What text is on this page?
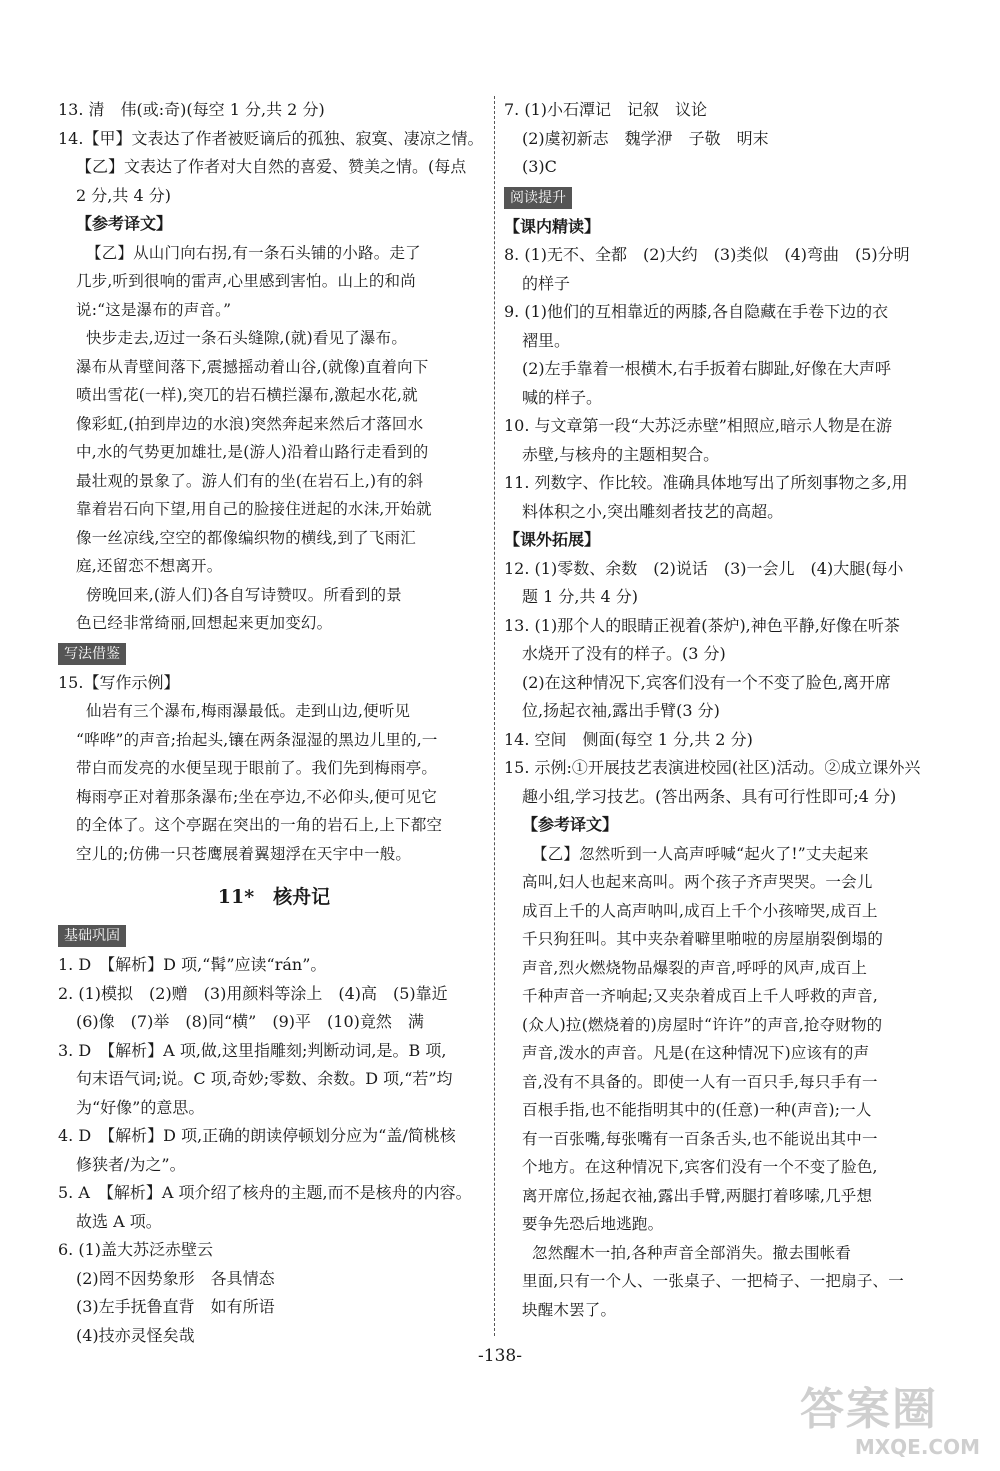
13. 清　伟(或:奇)(每空 1 分,共 2 分)
14.【甲】文表达了作者被贬谪后的孤独、寂寞、凄凉之情。
【乙】文表达了作者对大自然的喜爱、赞美之情。(每点
2 分,共 4 分)
【参考译文】
【乙】从山门向右拐,有一条石头铺的小路。走了
几步,听到很响的雷声,心里感到害怕。山上的和尚
说:“这是瀑布的声音。”
快步走去,迈过一条石头缝隙,(就)看见了瀑布。
瀑布从青壁间落下,震撼摇动着山谷,(就像)直着向下
喷出雪花(一样),突兀的岩石横拦瀑布,激起水花,就
像彩虹,(拍到岸边的水浪)突然奔起来然后才落回水
中,水的气势更加雄壮,是(游人)沿着山路行走看到的
最壮观的景象了。游人们有的坐(在岩石上,)有的斜
靠着岩石向下望,用自己的脸接住迸起的水沫,开始就
像一丝凉线,空空的都像编织物的横线,到了飞雨汇
庭,还留恋不想离开。
傍晚回来,(游人们)各自写诗赞叹。所看到的景
色已经非常绮丽,回想起来更加变幻。
写法借鉴
15.【写作示例】
仙岩有三个瀑布,梅雨瀑最低。走到山边,便听见
“哗哗”的声音;抬起头,镶在两条湿湿的黑边儿里的,一
带白而发亮的水便呈现于眼前了。我们先到梅雨亭。
梅雨亭正对着那条瀑布;坐在亭边,不必仰头,便可见它
的全体了。这个亭踞在突出的一角的岩石上,上下都空
空儿的;仿佛一只苍鹰展着翼翅浮在天宇中一般。
11*　核舟记
基础巩固
1. D　【解析】D 项,“髯”应读“rán”。
2. (1)模拟　(2)赠　(3)用颜料等涂上　(4)高　(5)靠近
(6)像　(7)举　(8)同“横”　(9)平　(10)竟然　满
3. D　【解析】A 项,做,这里指雕刻;判断动词,是。B 项,
句末语气词;说。C 项,奇妙;零数、余数。D 项,“若”均
为“好像”的意思。
4. D　【解析】D 项,正确的朗读停顿划分应为“盖/简桃核
修狭者/为之”。
5. A　【解析】A 项介绍了核舟的主题,而不是核舟的内容。
故选 A 项。
6. (1)盖大苏泛赤壁云
(2)罔不因势象形　各具情态
(3)左手抚鲁直背　如有所语
(4)技亦灵怪矣哉
7. (1)小石潭记　记叙　议论
(2)虞初新志　魏学洢　子敬　明末
(3)C
阅读提升
【课内精读】
8. (1)无不、全都　(2)大约　(3)类似　(4)弯曲　(5)分明
的样子
9. (1)他们的互相靠近的两膝,各自隐藏在手卷下边的衣
褶里。
(2)左手靠着一根横木,右手扳着右脚趾,好像在大声呼
喊的样子。
10. 与文章第一段“大苏泛赤壁”相照应,暗示人物是在游
赤壁,与核舟的主题相契合。
11. 列数字、作比较。准确具体地写出了所刻事物之多,用
料体积之小,突出雕刻者技艺的高超。
【课外拓展】
12. (1)零数、余数　(2)说话　(3)一会儿　(4)大腿(每小
题 1 分,共 4 分)
13. (1)那个人的眼睛正视着(茶炉),神色平静,好像在听茶
水烧开了没有的样子。(3 分)
(2)在这种情况下,宾客们没有一个不变了脸色,离开席
位,扬起衣袖,露出手臂(3 分)
14. 空间　侧面(每空 1 分,共 2 分)
15. 示例:①开展技艺表演进校园(社区)活动。②成立课外兴
趣小组,学习技艺。(答出两条、具有可行性即可;4 分)
【参考译文】
【乙】忽然听到一人高声呼喊“起火了!”丈夫起来
高叫,妇人也起来高叫。两个孩子齐声哭哭。一会儿
成百上千的人高声呐叫,成百上千个小孩啼哭,成百上
千只狗狂叫。其中夹杂着噼里啪啦的房屋崩裂倒塌的
声音,烈火燃烧物品爆裂的声音,呼呼的风声,成百上
千种声音一齐响起;又夹杂着成百上千人呼救的声音,
(众人)拉(燃烧着的)房屋时“许许”的声音,抢夺财物的
声音,泼水的声音。凡是(在这种情况下)应该有的声
音,没有不具备的。即使一人有一百只手,每只手有一
百根手指,也不能指明其中的(任意)一种(声音);一人
有一百张嘴,每张嘴有一百条舌头,也不能说出其中一
个地方。在这种情况下,宾客们没有一个不变了脸色,
离开席位,扬起衣袖,露出手臂,两腿打着哆嗦,几乎想
要争先恐后地逃跑。
忽然醒木一拍,各种声音全部消失。撤去围帐看
里面,只有一个人、一张桌子、一把椅子、一把扇子、一
块醒木罢了。
-138-
答案圈
MXQE.COM
